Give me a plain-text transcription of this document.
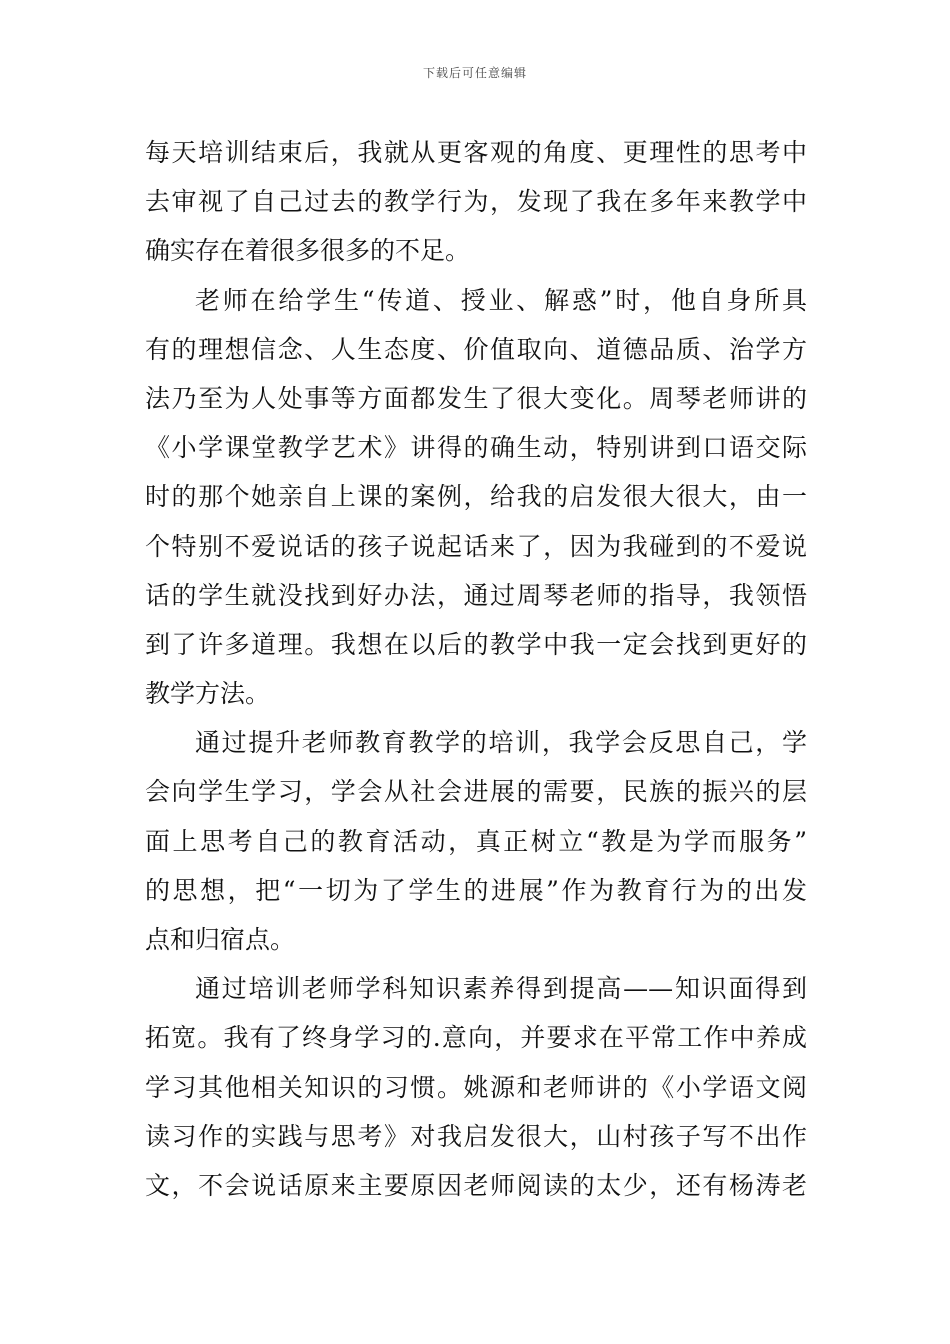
下载后可任意编辑
每天培训结束后，我就从更客观的角度、更理性的思考中
去审视了自己过去的教学行为，发现了我在多年来教学中
确实存在着很多很多的不足。
老师在给学生“传道、授业、解惑”时，他自身所具
有的理想信念、人生态度、价值取向、道德品质、治学方
法乃至为人处事等方面都发生了很大变化。周琴老师讲的
《小学课堂教学艺术》讲得的确生动，特别讲到口语交际
时的那个她亲自上课的案例，给我的启发很大很大，由一
个特别不爱说话的孩子说起话来了，因为我碰到的不爱说
话的学生就没找到好办法，通过周琴老师的指导，我领悟
到了许多道理。我想在以后的教学中我一定会找到更好的
教学方法。
通过提升老师教育教学的培训，我学会反思自己，学
会向学生学习，学会从社会进展的需要，民族的振兴的层
面上思考自己的教育活动，真正树立“教是为学而服务”
的思想，把“一切为了学生的进展”作为教育行为的出发
点和归宿点。
通过培训老师学科知识素养得到提高——知识面得到
拓宽。我有了终身学习的.意向，并要求在平常工作中养成
学习其他相关知识的习惯。姚源和老师讲的《小学语文阅
读习作的实践与思考》对我启发很大，山村孩子写不出作
文，不会说话原来主要原因老师阅读的太少，还有杨涛老
